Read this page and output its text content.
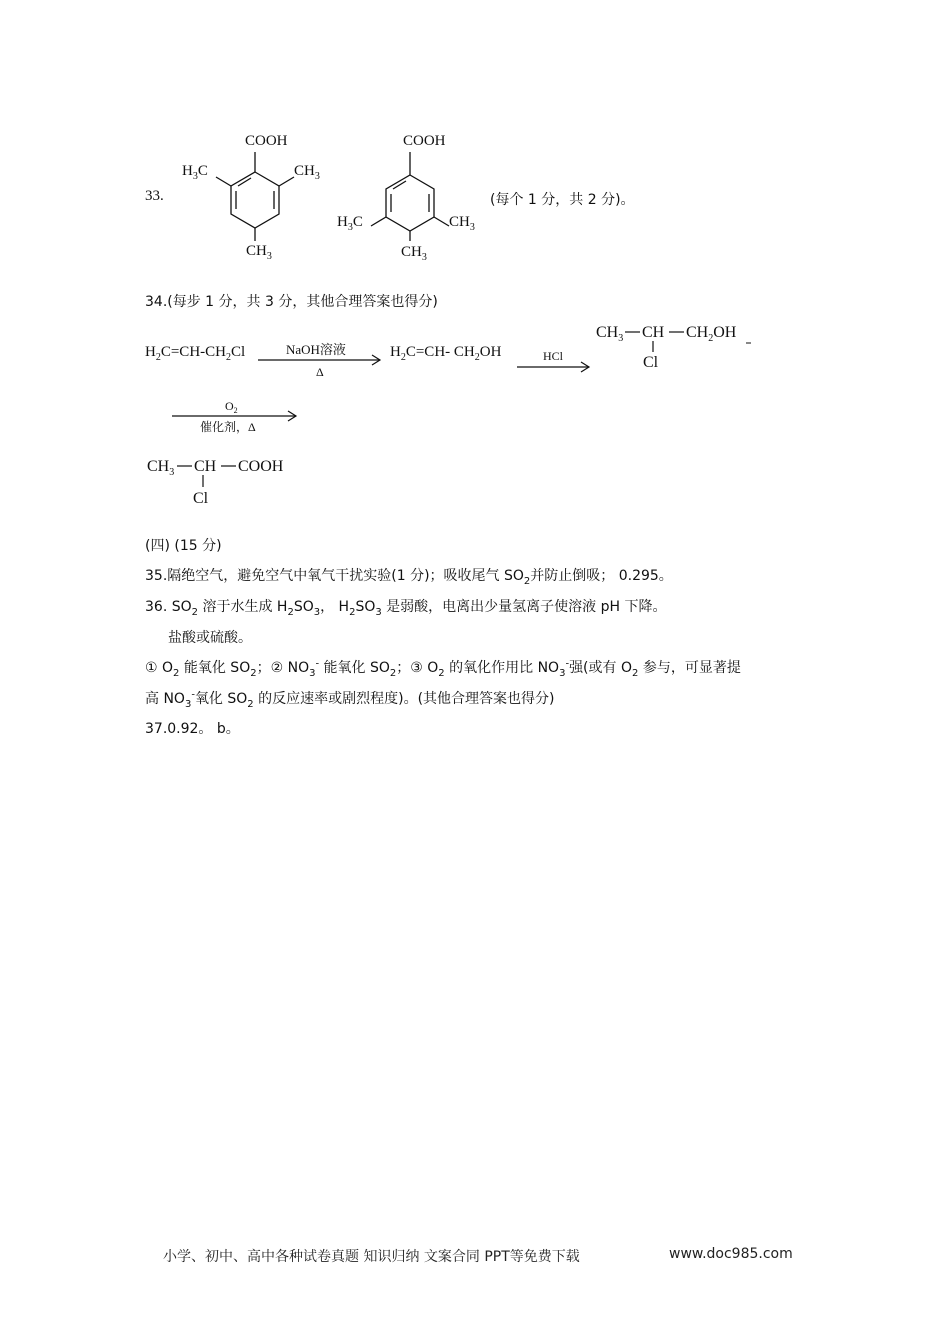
33.
COOH
$H_3C$	$CH_3$
$CH_3$
COOH
$H_3C$	$CH_3$
$CH_3$
(每个 1 分，共 2 分)。
34.(每步 1 分，共 3 分，其他合理答案也得分)
$H_2C=CH-CH_2Cl$	NaOH溶液
Δ
$H_2C=CH-$ $CH_2OH$	HCl
$CH_3$ CH $CH_2OH$
Cl
$O_2$
催化剂，Δ
$CH_3$ CH COOH
Cl
(四) (15 分)
35.隔绝空气，避免空气中氧气干扰实验(1 分)；吸收尾气 $SO_2$并防止倒吸； 0.295。
36. $SO_2$ 溶于水生成 $H_2SO_3$， $H_2SO_3$ 是弱酸，电离出少量氢离子使溶液 pH 下降。
盐酸或硫酸。
① $O_2$ 能氧化 $SO_2$；② $NO_3^-$ 能氧化 $SO_2$；③ $O_2$ 的氧化作用比 $NO_3^-$强(或有 $O_2$ 参与，可显著提
高 $NO_3^-$氧化 $SO_2$ 的反应速率或剧烈程度)。(其他合理答案也得分)
37.0.92。 b。
小学、初中、高中各种试卷真题 知识归纳 文案合同 PPT等免费下载	www.doc985.com
